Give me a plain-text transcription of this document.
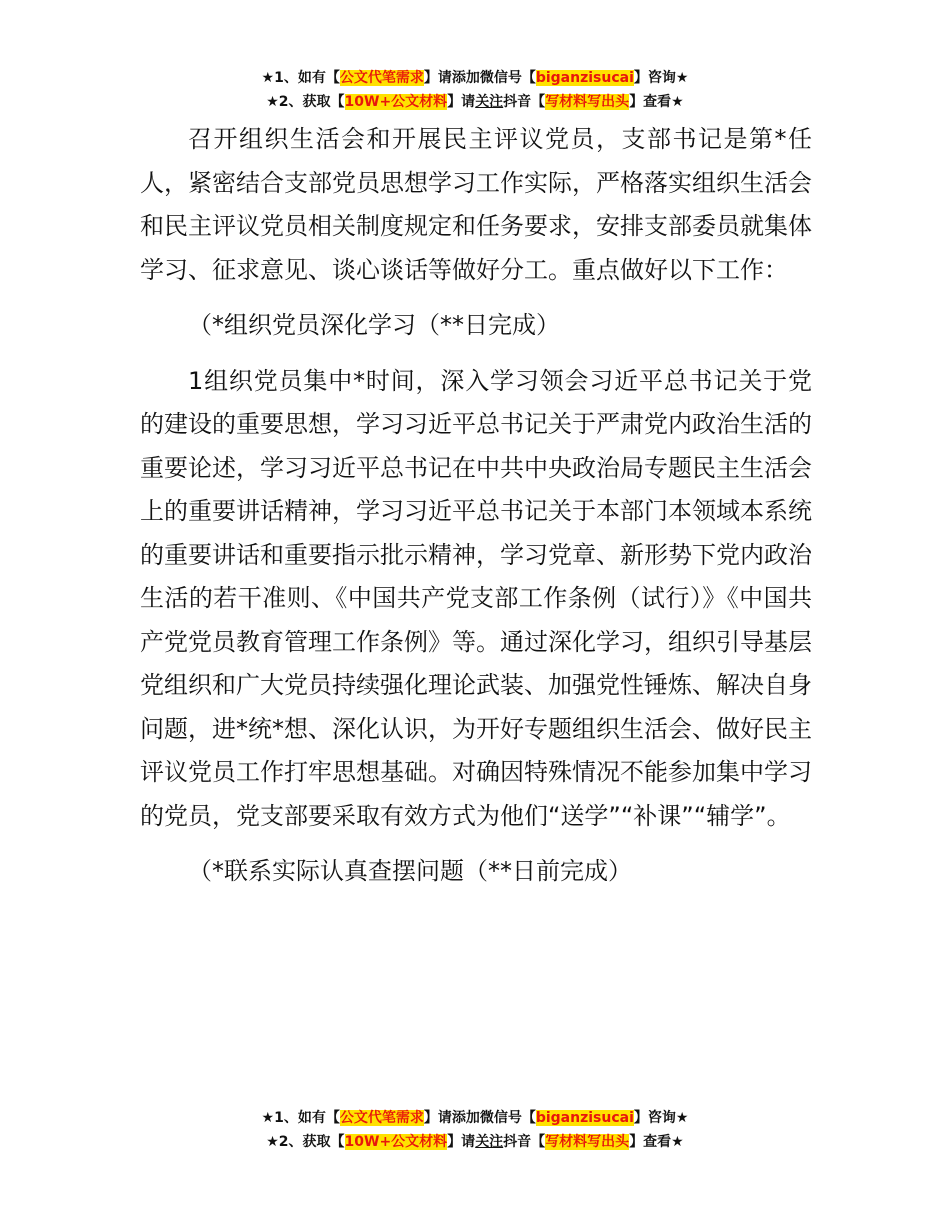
★1、如有【公文代笔需求】请添加微信号【biganzisucai】咨询★
★2、获取【10W+公文材料】请关注抖音【写材料写出头】查看★

召开组织生活会和开展民主评议党员，支部书记是第*任人，紧密结合支部党员思想学习工作实际，严格落实组织生活会和民主评议党员相关制度规定和任务要求，安排支部委员就集体学习、征求意见、谈心谈话等做好分工。重点做好以下工作：

（*组织党员深化学习（**日完成）

1组织党员集中*时间，深入学习领会习近平总书记关于党的建设的重要思想，学习习近平总书记关于严肃党内政治生活的重要论述，学习习近平总书记在中共中央政治局专题民主生活会上的重要讲话精神，学习习近平总书记关于本部门本领域本系统的重要讲话和重要指示批示精神，学习党章、新形势下党内政治生活的若干准则、《中国共产党支部工作条例（试行）》《中国共产党党员教育管理工作条例》等。通过深化学习，组织引导基层党组织和广大党员持续强化理论武装、加强党性锤炼、解决自身问题，进*统*想、深化认识，为开好专题组织生活会、做好民主评议党员工作打牢思想基础。对确因特殊情况不能参加集中学习的党员，党支部要采取有效方式为他们“送学”“补课”“辅学”。

（*联系实际认真查摆问题（**日前完成）

★1、如有【公文代笔需求】请添加微信号【biganzisucai】咨询★
★2、获取【10W+公文材料】请关注抖音【写材料写出头】查看★
